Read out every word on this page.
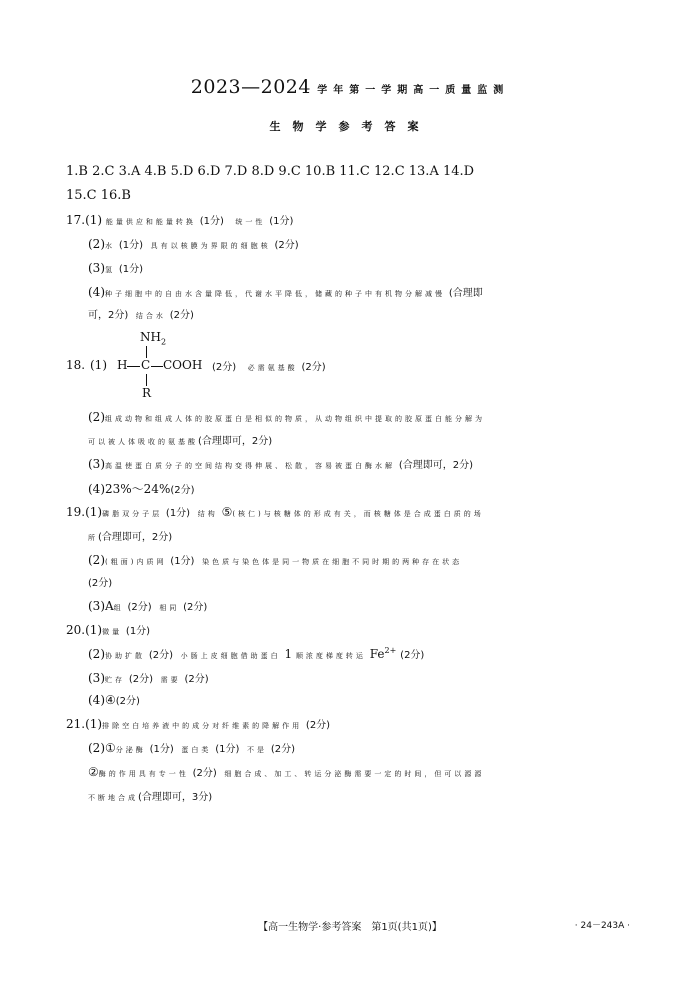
2023—2024 学年第一学期高一质量监测
生物学参考答案
1.B 2.C 3.A 4.B 5.D 6.D 7.D 8.D 9.C 10.B 11.C 12.C 13.A 14.D
15.C 16.B
17.(1) 能量供应和能量转换 (1分) 统一性 (1分)
(2)水 (1分) 具有以核膜为界限的细胞核 (2分)
(3)氢 (1分)
(4)种子细胞中的自由水含量降低，代谢水平降低，储藏的种子中有机物分解减慢 (合理即
可，2分) 结合水 (2分)
18. (1)
$NH_2$
H C COOH
R
(2分) 必需氨基酸 (2分)
(2)组成动物和组成人体的胶原蛋白是相似的物质，从动物组织中提取的胶原蛋白能分解为
可以被人体吸收的氨基酸(合理即可，2分)
(3)高温使蛋白质分子的空间结构变得伸展、松散，容易被蛋白酶水解 (合理即可，2分)
(4)23%～24%(2分)
19.(1)磷脂双分子层 (1分) 结构 ⑤(核仁)与核糖体的形成有关，而核糖体是合成蛋白质的场
所(合理即可，2分)
(2)(粗面)内质网 (1分) 染色质与染色体是同一物质在细胞不同时期的两种存在状态
(2分)
(3)A组 (2分) 相同 (2分)
20.(1)微量 (1分)
(2)协助扩散 (2分) 小肠上皮细胞借助蛋白 1 顺浓度梯度转运 $Fe^{2+}$ (2分)
(3)贮存 (2分) 需要 (2分)
(4)④(2分)
21.(1)排除空白培养液中的成分对纤维素的降解作用 (2分)
(2)①分泌酶 (1分) 蛋白类 (1分) 不是 (2分)
②酶的作用具有专一性 (2分) 细胞合成、加工、转运分泌酶需要一定的时间，但可以源源
不断地合成(合理即可，3分)
【高一生物学·参考答案　第1页(共1页)】	· 24－243A ·
